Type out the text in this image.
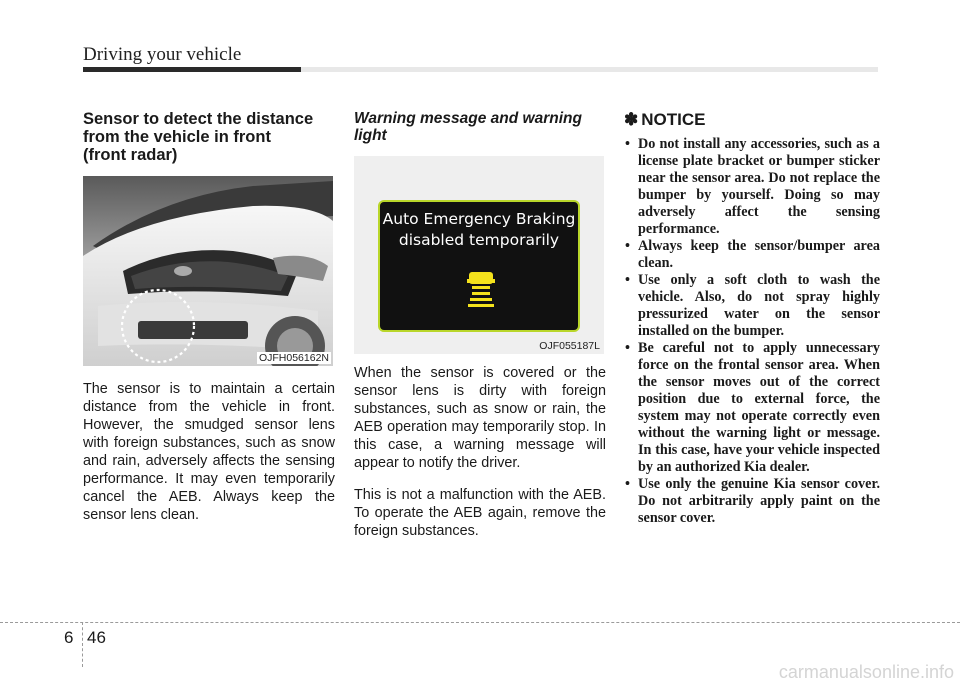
Driving your vehicle
Sensor to detect the distance
from the vehicle in front
(front radar)
OJFH056162N

The sensor is to maintain a certain distance from the vehicle in front. However, the smudged sensor lens with foreign substances, such as snow and rain, adversely affects the sensing performance. It may even temporarily cancel the AEB. Always keep the sensor lens clean.

Warning message and warning
light
Auto Emergency Braking
disabled temporarily
OJF055187L

When the sensor is covered or the sensor lens is dirty with foreign substances, such as snow or rain, the AEB operation may temporarily stop. In this case, a warning message will appear to notify the driver.

This is not a malfunction with the AEB. To operate the AEB again, remove the foreign substances.

✽ NOTICE
• Do not install any accessories, such as a license plate bracket or bumper sticker near the sensor area. Do not replace the bumper by yourself. Doing so may adversely affect the sensing performance.
• Always keep the sensor/bumper area clean.
• Use only a soft cloth to wash the vehicle. Also, do not spray highly pressurized water on the sensor installed on the bumper.
• Be careful not to apply unnecessary force on the frontal sensor area. When the sensor moves out of the correct position due to external force, the system may not operate correctly even without the warning light or message. In this case, have your vehicle inspected by an authorized Kia dealer.
• Use only the genuine Kia sensor cover. Do not arbitrarily apply paint on the sensor cover.
6 46
carmanualsonline.info
